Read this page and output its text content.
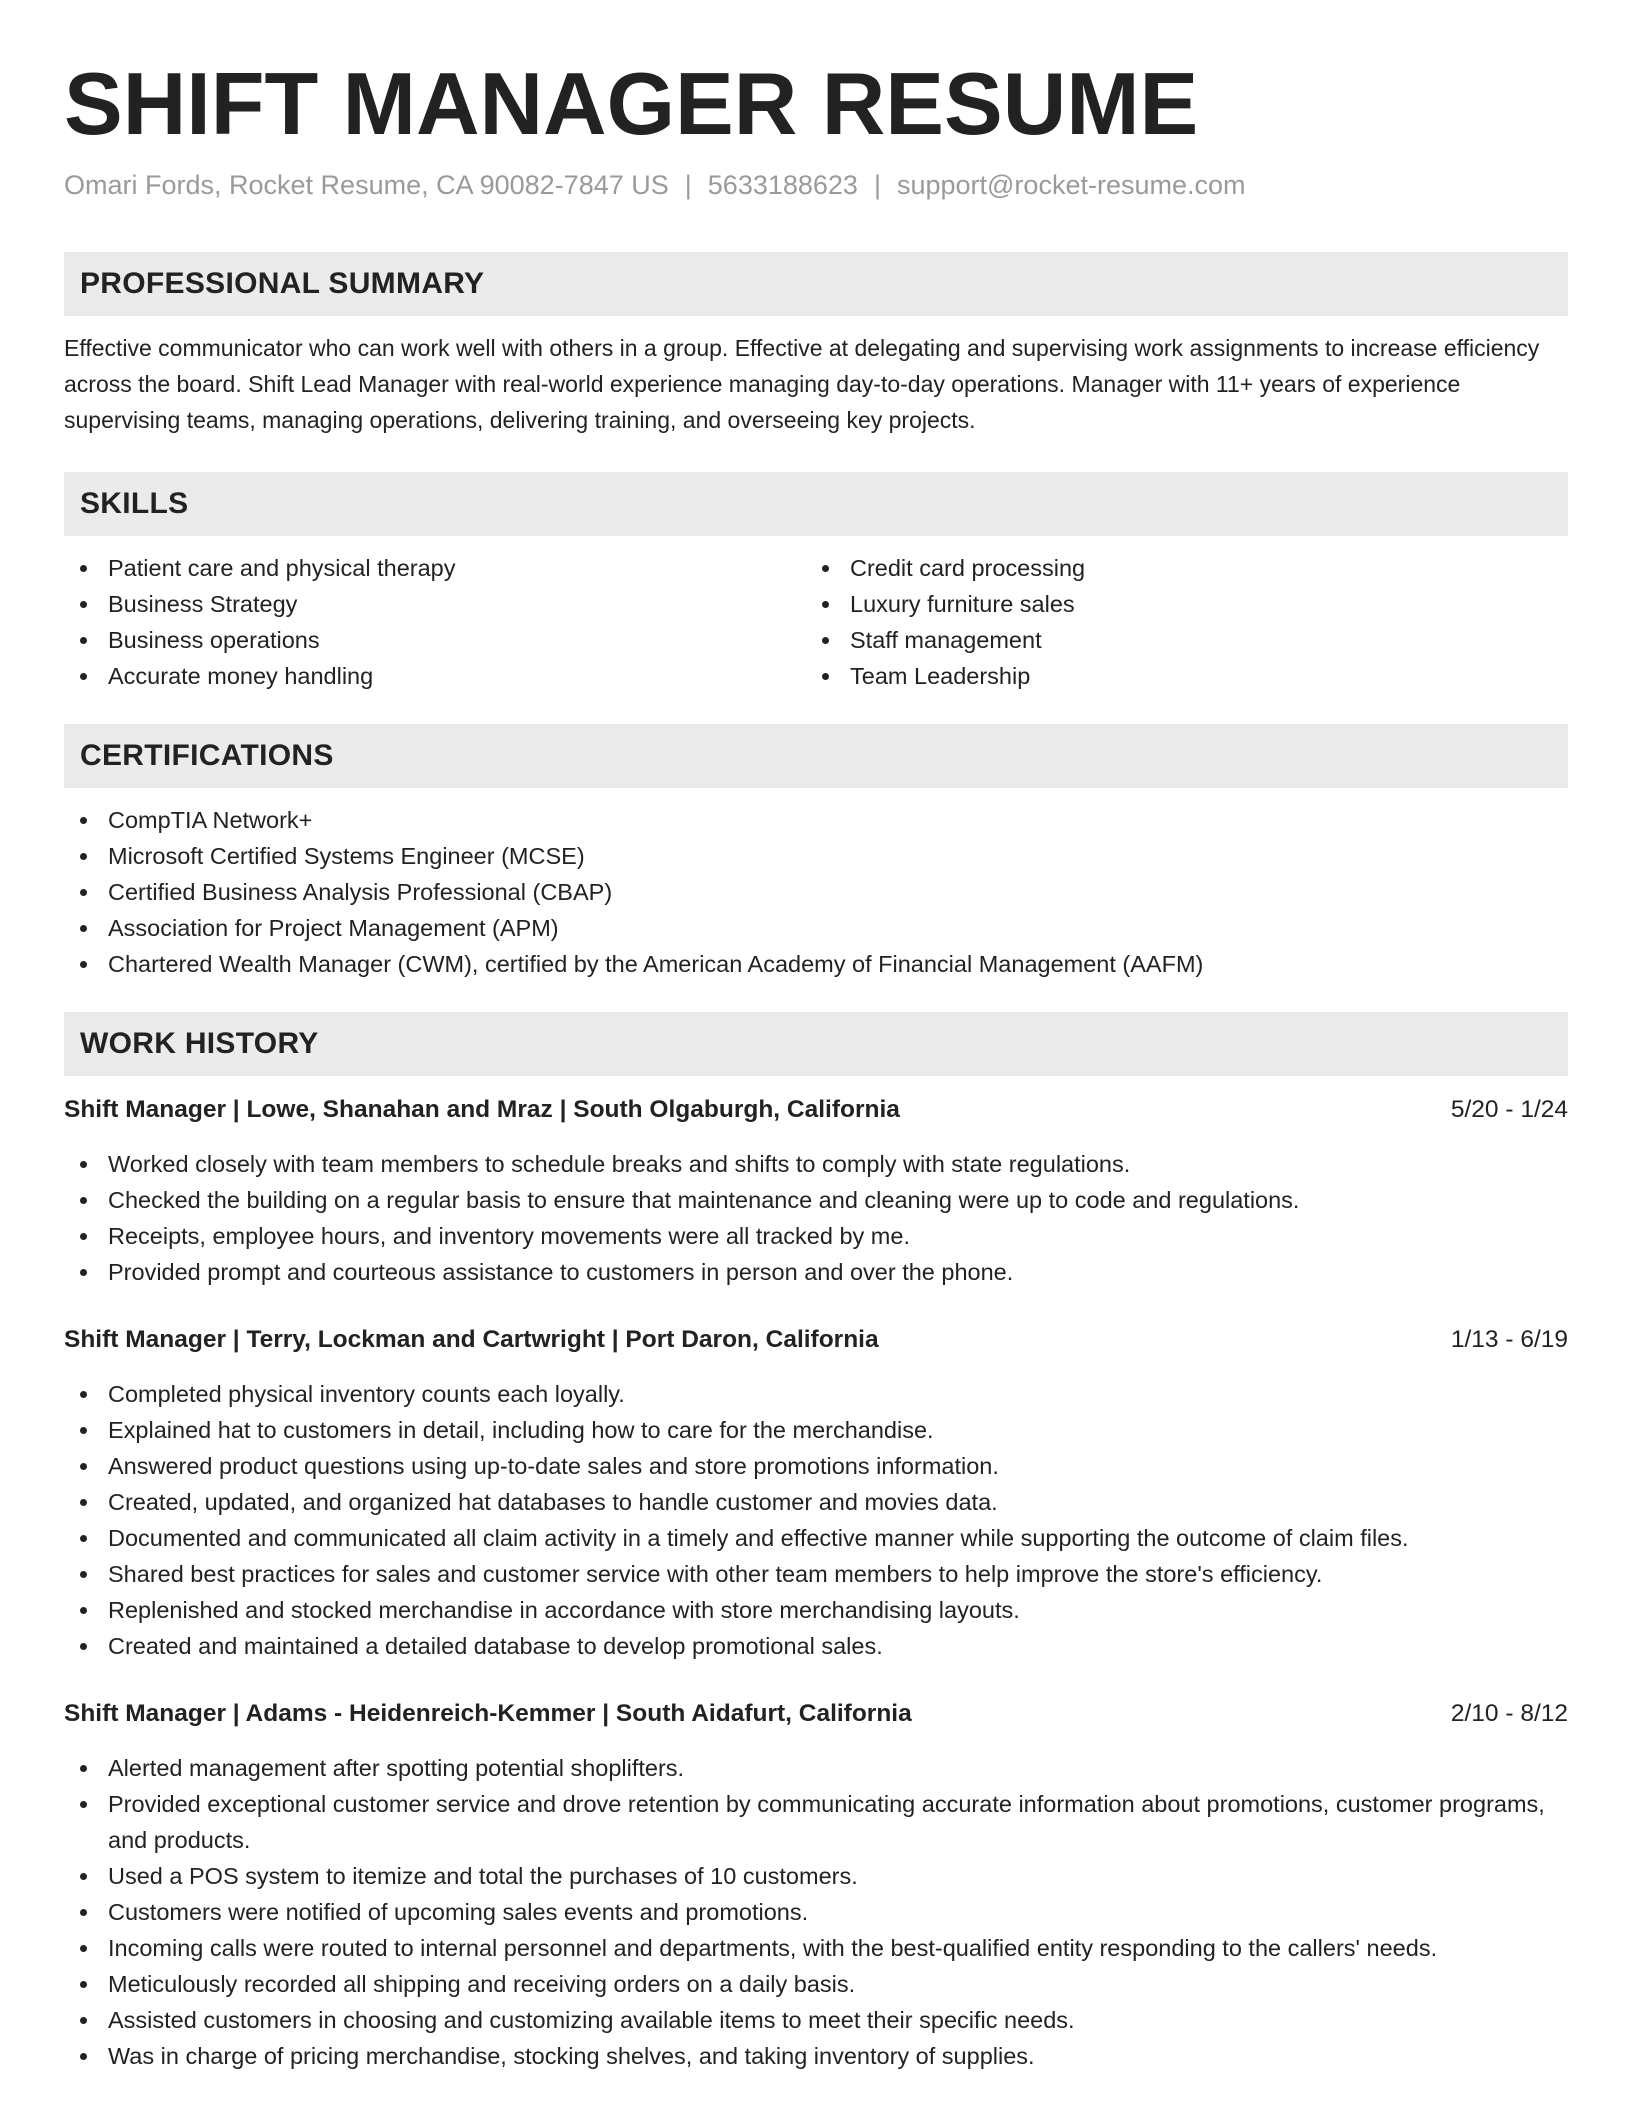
SHIFT MANAGER RESUME
Omari Fords, Rocket Resume, CA 90082-7847 US | 5633188623 | support@rocket-resume.com
PROFESSIONAL SUMMARY

Effective communicator who can work well with others in a group. Effective at delegating and supervising work assignments to increase efficiency across the board. Shift Lead Manager with real-world experience managing day-to-day operations. Manager with 11+ years of experience supervising teams, managing operations, delivering training, and overseeing key projects.

SKILLS
Patient care and physical therapy
Business Strategy
Business operations
Accurate money handling
Credit card processing
Luxury furniture sales
Staff management
Team Leadership
CERTIFICATIONS
CompTIA Network+
Microsoft Certified Systems Engineer (MCSE)
Certified Business Analysis Professional (CBAP)
Association for Project Management (APM)
Chartered Wealth Manager (CWM), certified by the American Academy of Financial Management (AAFM)
WORK HISTORY
Shift Manager | Lowe, Shanahan and Mraz | South Olgaburgh, California	5/20 - 1/24
Worked closely with team members to schedule breaks and shifts to comply with state regulations.
Checked the building on a regular basis to ensure that maintenance and cleaning were up to code and regulations.
Receipts, employee hours, and inventory movements were all tracked by me.
Provided prompt and courteous assistance to customers in person and over the phone.
Shift Manager | Terry, Lockman and Cartwright | Port Daron, California	1/13 - 6/19
Completed physical inventory counts each loyally.
Explained hat to customers in detail, including how to care for the merchandise.
Answered product questions using up-to-date sales and store promotions information.
Created, updated, and organized hat databases to handle customer and movies data.
Documented and communicated all claim activity in a timely and effective manner while supporting the outcome of claim files.
Shared best practices for sales and customer service with other team members to help improve the store's efficiency.
Replenished and stocked merchandise in accordance with store merchandising layouts.
Created and maintained a detailed database to develop promotional sales.
Shift Manager | Adams - Heidenreich-Kemmer | South Aidafurt, California	2/10 - 8/12
Alerted management after spotting potential shoplifters.
Provided exceptional customer service and drove retention by communicating accurate information about promotions, customer programs, and products.
Used a POS system to itemize and total the purchases of 10 customers.
Customers were notified of upcoming sales events and promotions.
Incoming calls were routed to internal personnel and departments, with the best-qualified entity responding to the callers' needs.
Meticulously recorded all shipping and receiving orders on a daily basis.
Assisted customers in choosing and customizing available items to meet their specific needs.
Was in charge of pricing merchandise, stocking shelves, and taking inventory of supplies.
